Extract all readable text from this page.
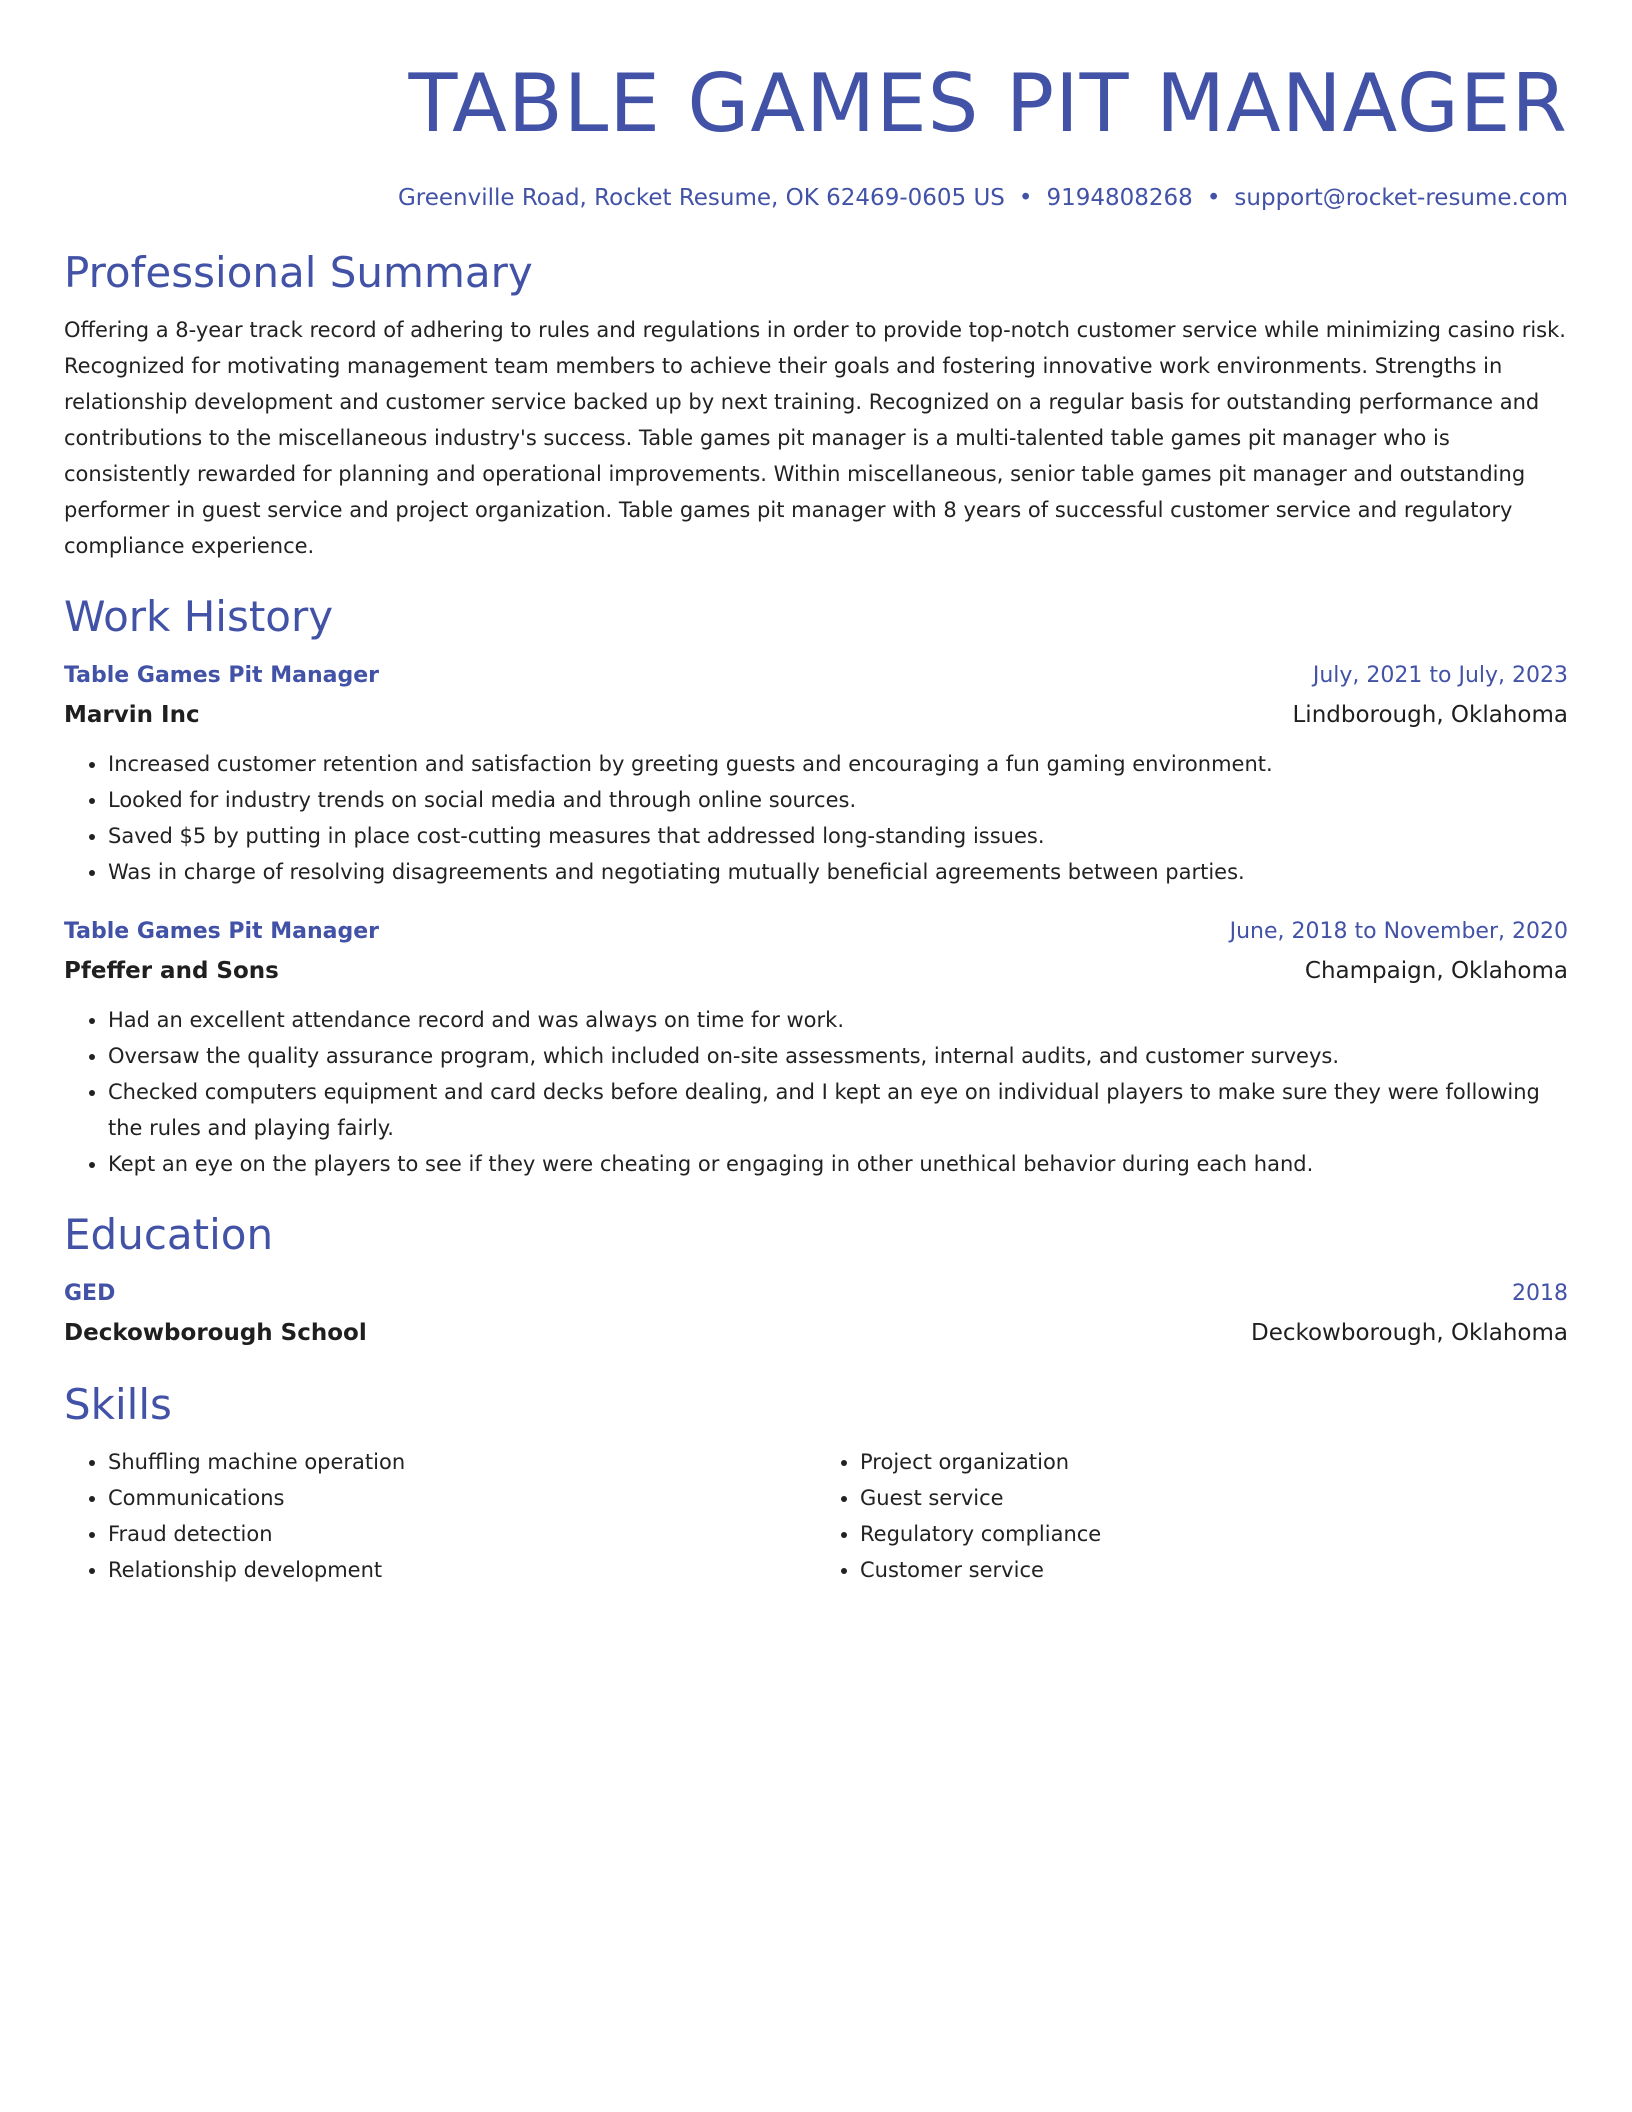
TABLE GAMES PIT MANAGER
Greenville Road, Rocket Resume, OK 62469-0605 US • 9194808268 • support@rocket-resume.com
Professional Summary

Offering a 8-year track record of adhering to rules and regulations in order to provide top-notch customer service while minimizing casino risk. Recognized for motivating management team members to achieve their goals and fostering innovative work environments. Strengths in relationship development and customer service backed up by next training. Recognized on a regular basis for outstanding performance and contributions to the miscellaneous industry's success. Table games pit manager is a multi-talented table games pit manager who is consistently rewarded for planning and operational improvements. Within miscellaneous, senior table games pit manager and outstanding performer in guest service and project organization. Table games pit manager with 8 years of successful customer service and regulatory compliance experience.

Work History
Table Games Pit Manager	July, 2021 to July, 2023
Marvin Inc	Lindborough, Oklahoma
• Increased customer retention and satisfaction by greeting guests and encouraging a fun gaming environment.
• Looked for industry trends on social media and through online sources.
• Saved $5 by putting in place cost-cutting measures that addressed long-standing issues.
• Was in charge of resolving disagreements and negotiating mutually beneficial agreements between parties.
Table Games Pit Manager	June, 2018 to November, 2020
Pfeffer and Sons	Champaign, Oklahoma
• Had an excellent attendance record and was always on time for work.
• Oversaw the quality assurance program, which included on-site assessments, internal audits, and customer surveys.
• Checked computers equipment and card decks before dealing, and I kept an eye on individual players to make sure they were following the rules and playing fairly.
• Kept an eye on the players to see if they were cheating or engaging in other unethical behavior during each hand.
Education
GED	2018
Deckowborough School	Deckowborough, Oklahoma
Skills
• Shuffling machine operation
• Communications
• Fraud detection
• Relationship development
• Project organization
• Guest service
• Regulatory compliance
• Customer service
